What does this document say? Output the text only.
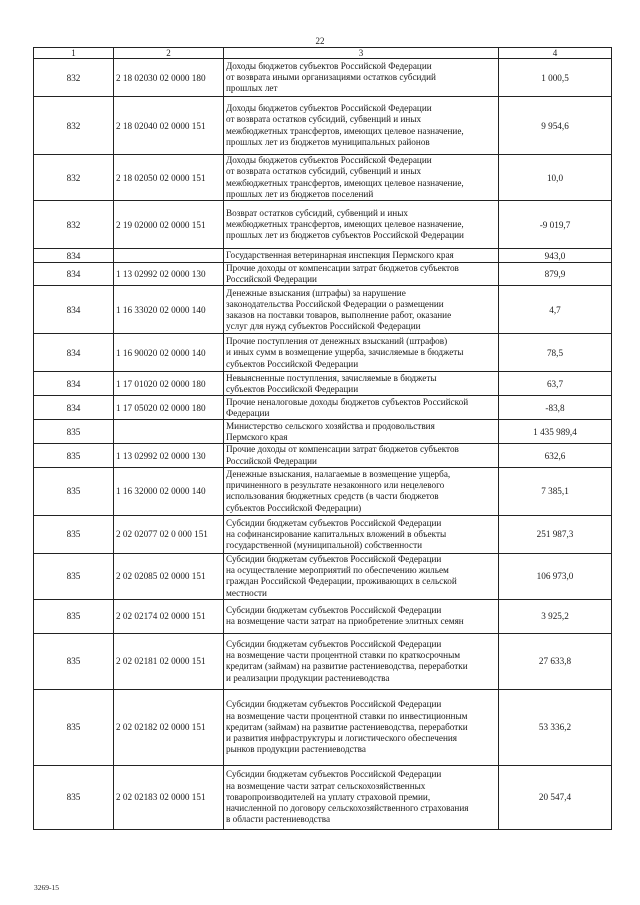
22
1	2	3	4
832	2 18 02030 02 0000 180	Доходы бюджетов субъектов Российской Федерации
от возврата иными организациями остатков субсидий
прошлых лет	1 000,5
832	2 18 02040 02 0000 151	Доходы бюджетов субъектов Российской Федерации
от возврата остатков субсидий, субвенций и иных
межбюджетных трансфертов, имеющих целевое назначение,
прошлых лет из бюджетов муниципальных районов	9 954,6
832	2 18 02050 02 0000 151	Доходы бюджетов субъектов Российской Федерации
от возврата остатков субсидий, субвенций и иных
межбюджетных трансфертов, имеющих целевое назначение,
прошлых лет из бюджетов поселений	10,0
832	2 19 02000 02 0000 151	Возврат остатков субсидий, субвенций и иных
межбюджетных трансфертов, имеющих целевое назначение,
прошлых лет из бюджетов субъектов Российской Федерации	-9 019,7
834		Государственная ветеринарная инспекция Пермского края	943,0
834	1 13 02992 02 0000 130	Прочие доходы от компенсации затрат бюджетов субъектов
Российской Федерации	879,9
834	1 16 33020 02 0000 140	Денежные взыскания (штрафы) за нарушение
законодательства Российской Федерации о размещении
заказов на поставки товаров, выполнение работ, оказание
услуг для нужд субъектов Российской Федерации	4,7
834	1 16 90020 02 0000 140	Прочие поступления от денежных взысканий (штрафов)
и иных сумм в возмещение ущерба, зачисляемые в бюджеты
субъектов Российской Федерации	78,5
834	1 17 01020 02 0000 180	Невыясненные поступления, зачисляемые в бюджеты
субъектов Российской Федерации	63,7
834	1 17 05020 02 0000 180	Прочие неналоговые доходы бюджетов субъектов Российской
Федерации	-83,8
835		Министерство сельского хозяйства и продовольствия
Пермского края	1 435 989,4
835	1 13 02992 02 0000 130	Прочие доходы от компенсации затрат бюджетов субъектов
Российской Федерации	632,6
835	1 16 32000 02 0000 140	Денежные взыскания, налагаемые в возмещение ущерба,
причиненного в результате незаконного или нецелевого
использования бюджетных средств (в части бюджетов
субъектов Российской Федерации)	7 385,1
835	2 02 02077 02 0 000 151	Субсидии бюджетам субъектов Российской Федерации
на софинансирование капитальных вложений в объекты
государственной (муниципальной) собственности	251 987,3
835	2 02 02085 02 0000 151	Субсидии бюджетам субъектов Российской Федерации
на осуществление мероприятий по обеспечению жильем
граждан Российской Федерации, проживающих в сельской
местности	106 973,0
835	2 02 02174 02 0000 151	Субсидии бюджетам субъектов Российской Федерации
на возмещение части затрат на приобретение элитных семян	3 925,2
835	2 02 02181 02 0000 151	Субсидии бюджетам субъектов Российской Федерации
на возмещение части процентной ставки по краткосрочным
кредитам (займам) на развитие растениеводства, переработки
и реализации продукции растениеводства	27 633,8
835	2 02 02182 02 0000 151	Субсидии бюджетам субъектов Российской Федерации
на возмещение части процентной ставки по инвестиционным
кредитам (займам) на развитие растениеводства, переработки
и развития инфраструктуры и логистического обеспечения
рынков продукции растениеводства	53 336,2
835	2 02 02183 02 0000 151	Субсидии бюджетам субъектов Российской Федерации
на возмещение части затрат сельскохозяйственных
товаропроизводителей на уплату страховой премии,
начисленной по договору сельскохозяйственного страхования
в области растениеводства	20 547,4
3269-15
